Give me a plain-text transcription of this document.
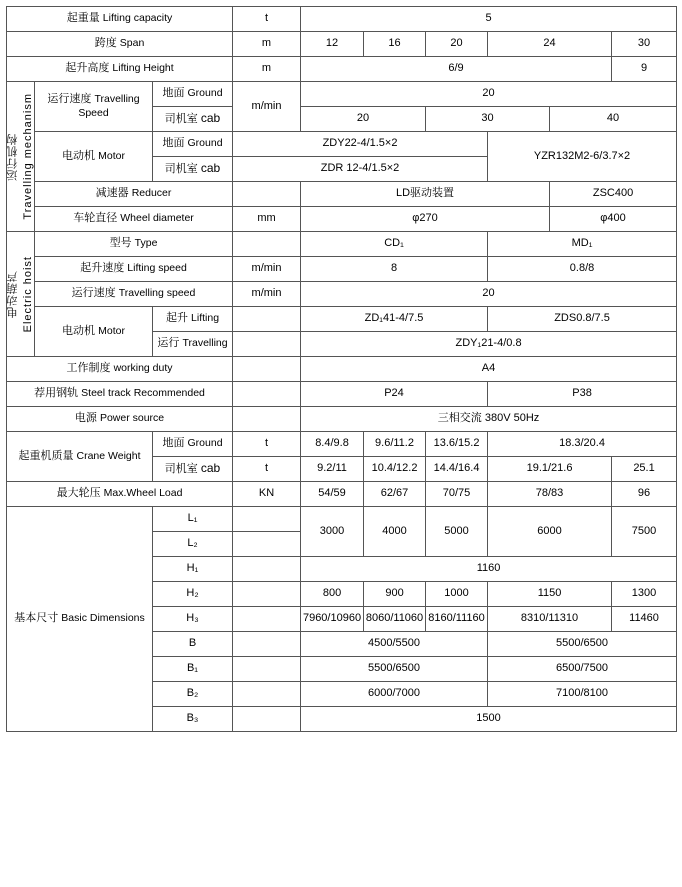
起重量 Lifting capacity			t	5					
跨度 Span			m	12	16	20	24		30
起升高度 Lifting Height			m	6/9					9

运行机构 Travelling mechanism	运行速度 Travelling Speed	地面 Ground	m/min	20					
		司机室 cab		20		30		40	
	电动机 Motor	地面 Ground	ZDY22-4/1.5×2				YZR132M2-6/3.7×2		
		司机室 cab	ZDR 12-4/1.5×2						
	减速器 Reducer			LD驱动装置				ZSC400	
	车轮直径 Wheel diameter		mm	φ270				φ400	

电动葫芦 Electric hoist	型号 Type			CD₁			MD₁		
	起升速度 Lifting speed		m/min	8			0.8/8		
	运行速度 Travelling speed		m/min	20					
	电动机 Motor	起升 Lifting		ZD₁41-4/7.5			ZDS0.8/7.5		
		运行 Travelling		ZDY₁21-4/0.8					
工作制度 working duty				A4					
荐用钢轨 Steel track Recommended				P24			P38		
电源 Power source				三相交流 380V 50Hz					
起重机质量 Crane Weight		地面 Ground	t	8.4/9.8	9.6/11.2	13.6/15.2	18.3/20.4		
		司机室 cab	t	9.2/11	10.4/12.2	14.4/16.4	19.1/21.6		25.1
最大轮压 Max.Wheel Load			KN	54/59	62/67	70/75	78/83		96
基本尺寸 Basic Dimensions		L₁		3000	4000	5000	6000		7500
		L₂							
		H₁		1160					
		H₂		800	900	1000	1150		1300
		H₃		7960/10960	8060/11060	8160/11160	8310/11310		11460
		B		4500/5500			5500/6500		
		B₁		5500/6500			6500/7500		
		B₂		6000/7000			7100/8100		
		B₃		1500					
